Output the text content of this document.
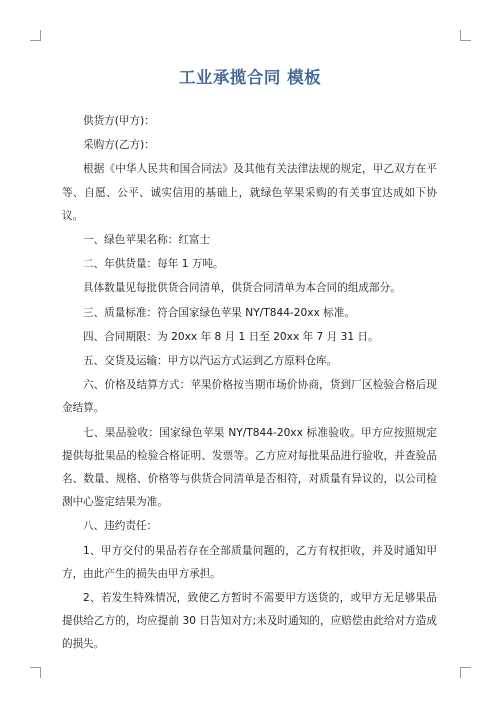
工业承揽合同 模板

供货方(甲方)：

采购方(乙方)：

根据《中华人民共和国合同法》及其他有关法律法规的规定，甲乙双方在平等、自愿、公平、诚实信用的基础上，就绿色苹果采购的有关事宜达成如下协议。

一、绿色苹果名称：红富士

二、年供货量：每年 1 万吨。

具体数量见每批供货合同清单，供货合同清单为本合同的组成部分。

三、质量标准：符合国家绿色苹果 NY/T844-20xx 标准。

四、合同期限：为 20xx 年 8 月 1 日至 20xx 年 7 月 31 日。

五、交货及运输：甲方以汽运方式运到乙方原料仓库。

六、价格及结算方式：苹果价格按当期市场价协商，货到厂区检验合格后现金结算。

七、果品验收：国家绿色苹果 NY/T844-20xx 标准验收。甲方应按照规定提供每批果品的检验合格证明、发票等。乙方应对每批果品进行验收，并查验品名、数量、规格、价格等与供货合同清单是否相符，对质量有异议的，以公司检测中心鉴定结果为准。

八、违约责任：

1、甲方交付的果品若存在全部质量问题的，乙方有权拒收，并及时通知甲方，由此产生的损失由甲方承担。

2、若发生特殊情况，致使乙方暂时不需要甲方送货的，或甲方无足够果品提供给乙方的，均应提前 30 日告知对方;未及时通知的，应赔偿由此给对方造成的损失。
